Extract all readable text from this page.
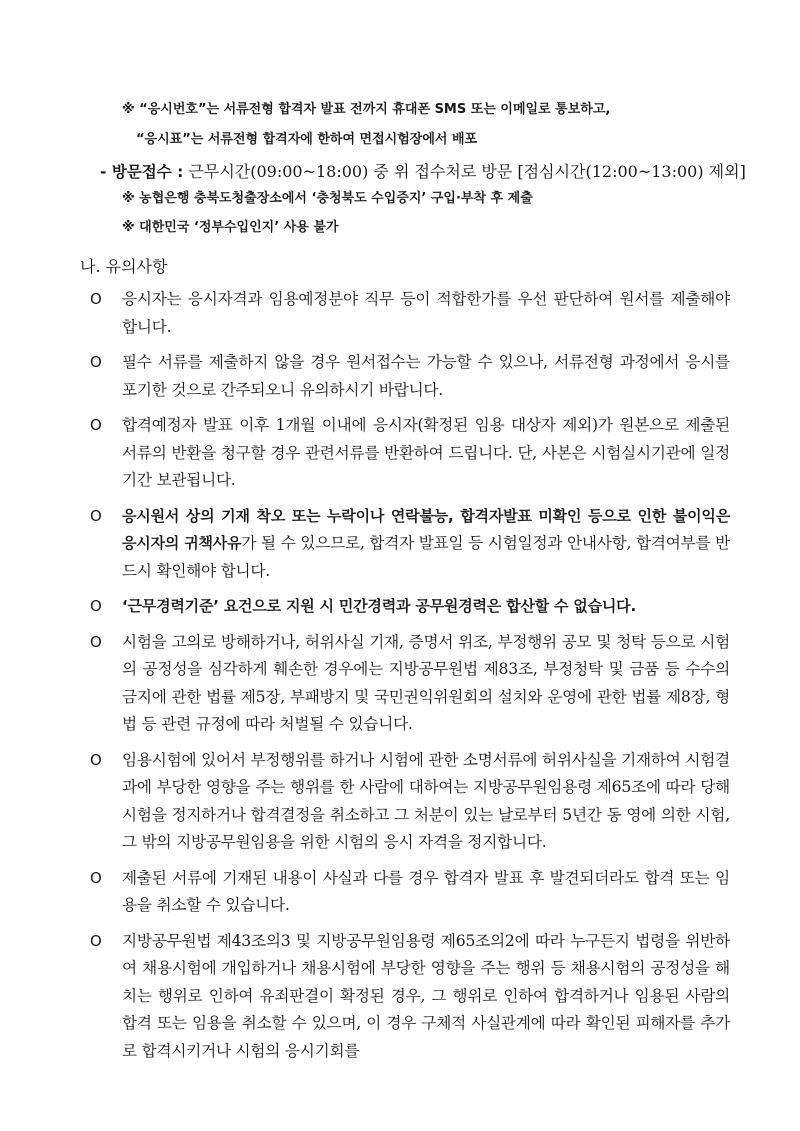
※ “응시번호”는 서류전형 합격자 발표 전까지 휴대폰 SMS 또는 이메일로 통보하고,
“응시표”는 서류전형 합격자에 한하여 면접시험장에서 배포
- 방문접수 : 근무시간(09:00~18:00) 중 위 접수처로 방문 [점심시간(12:00~13:00) 제외]
※ 농협은행 충북도청출장소에서 ‘충청북도 수입증지’ 구입·부착 후 제출
※ 대한민국 ‘정부수입인지’ 사용 불가
나. 유의사항
O 응시자는 응시자격과 임용예정분야 직무 등이 적합한가를 우선 판단하여 원서를 제출해야 합니다.
O 필수 서류를 제출하지 않을 경우 원서접수는 가능할 수 있으나, 서류전형 과정에서 응시를 포기한 것으로 간주되오니 유의하시기 바랍니다.
O 합격예정자 발표 이후 1개월 이내에 응시자(확정된 임용 대상자 제외)가 원본으로 제출된 서류의 반환을 청구할 경우 관련서류를 반환하여 드립니다. 단, 사본은 시험실시기관에 일정기간 보관됩니다.
O 응시원서 상의 기재 착오 또는 누락이나 연락불능, 합격자발표 미확인 등으로 인한 불이익은 응시자의 귀책사유가 될 수 있으므로, 합격자 발표일 등 시험일정과 안내사항, 합격여부를 반드시 확인해야 합니다.
O ‘근무경력기준’ 요건으로 지원 시 민간경력과 공무원경력은 합산할 수 없습니다.
O 시험을 고의로 방해하거나, 허위사실 기재, 증명서 위조, 부정행위 공모 및 청탁 등으로 시험의 공정성을 심각하게 훼손한 경우에는 지방공무원법 제83조, 부정청탁 및 금품 등 수수의 금지에 관한 법률 제5장, 부패방지 및 국민권익위원회의 설치와 운영에 관한 법률 제8장, 형법 등 관련 규정에 따라 처벌될 수 있습니다.
O 임용시험에 있어서 부정행위를 하거나 시험에 관한 소명서류에 허위사실을 기재하여 시험결과에 부당한 영향을 주는 행위를 한 사람에 대하여는 지방공무원임용령 제65조에 따라 당해 시험을 정지하거나 합격결정을 취소하고 그 처분이 있는 날로부터 5년간 동 영에 의한 시험, 그 밖의 지방공무원임용을 위한 시험의 응시 자격을 정지합니다.
O 제출된 서류에 기재된 내용이 사실과 다를 경우 합격자 발표 후 발견되더라도 합격 또는 임용을 취소할 수 있습니다.
O 지방공무원법 제43조의3 및 지방공무원임용령 제65조의2에 따라 누구든지 법령을 위반하여 채용시험에 개입하거나 채용시험에 부당한 영향을 주는 행위 등 채용시험의 공정성을 해치는 행위로 인하여 유죄판결이 확정된 경우, 그 행위로 인하여 합격하거나 임용된 사람의 합격 또는 임용을 취소할 수 있으며, 이 경우 구체적 사실관계에 따라 확인된 피해자를 추가로 합격시키거나 시험의 응시기회를
